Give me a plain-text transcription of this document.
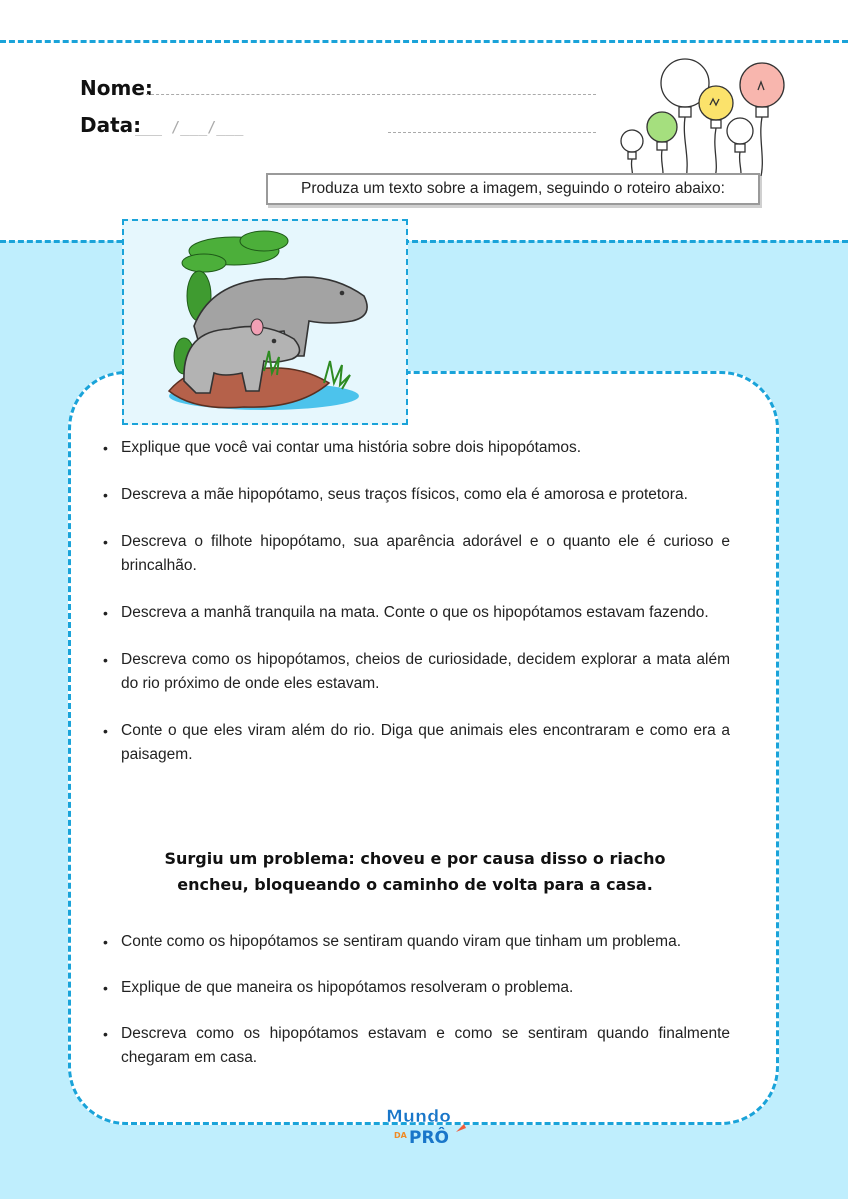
Nome:
Data:
___ /___/___
Produza um texto sobre a imagem, seguindo o roteiro abaixo:
• Explique que você vai contar uma história sobre dois hipopótamos.
• Descreva a mãe hipopótamo, seus traços físicos, como ela é amorosa e protetora.
• Descreva o filhote hipopótamo, sua aparência adorável e o quanto ele é curioso e brincalhão.
• Descreva a manhã tranquila na mata. Conte o que os hipopótamos estavam fazendo.
• Descreva como os hipopótamos, cheios de curiosidade, decidem explorar a mata além do rio próximo de onde eles estavam.
• Conte o que eles viram além do rio. Diga que animais eles encontraram e como era a paisagem.
Surgiu um problema: choveu e por causa disso o riacho
encheu, bloqueando o caminho de volta para a casa.
• Conte como os hipopótamos se sentiram quando viram que tinham um problema.
• Explique de que maneira os hipopótamos resolveram o problema.
• Descreva como os hipopótamos estavam e como se sentiram quando finalmente chegaram em casa.
Mundo
DA PRÔ
